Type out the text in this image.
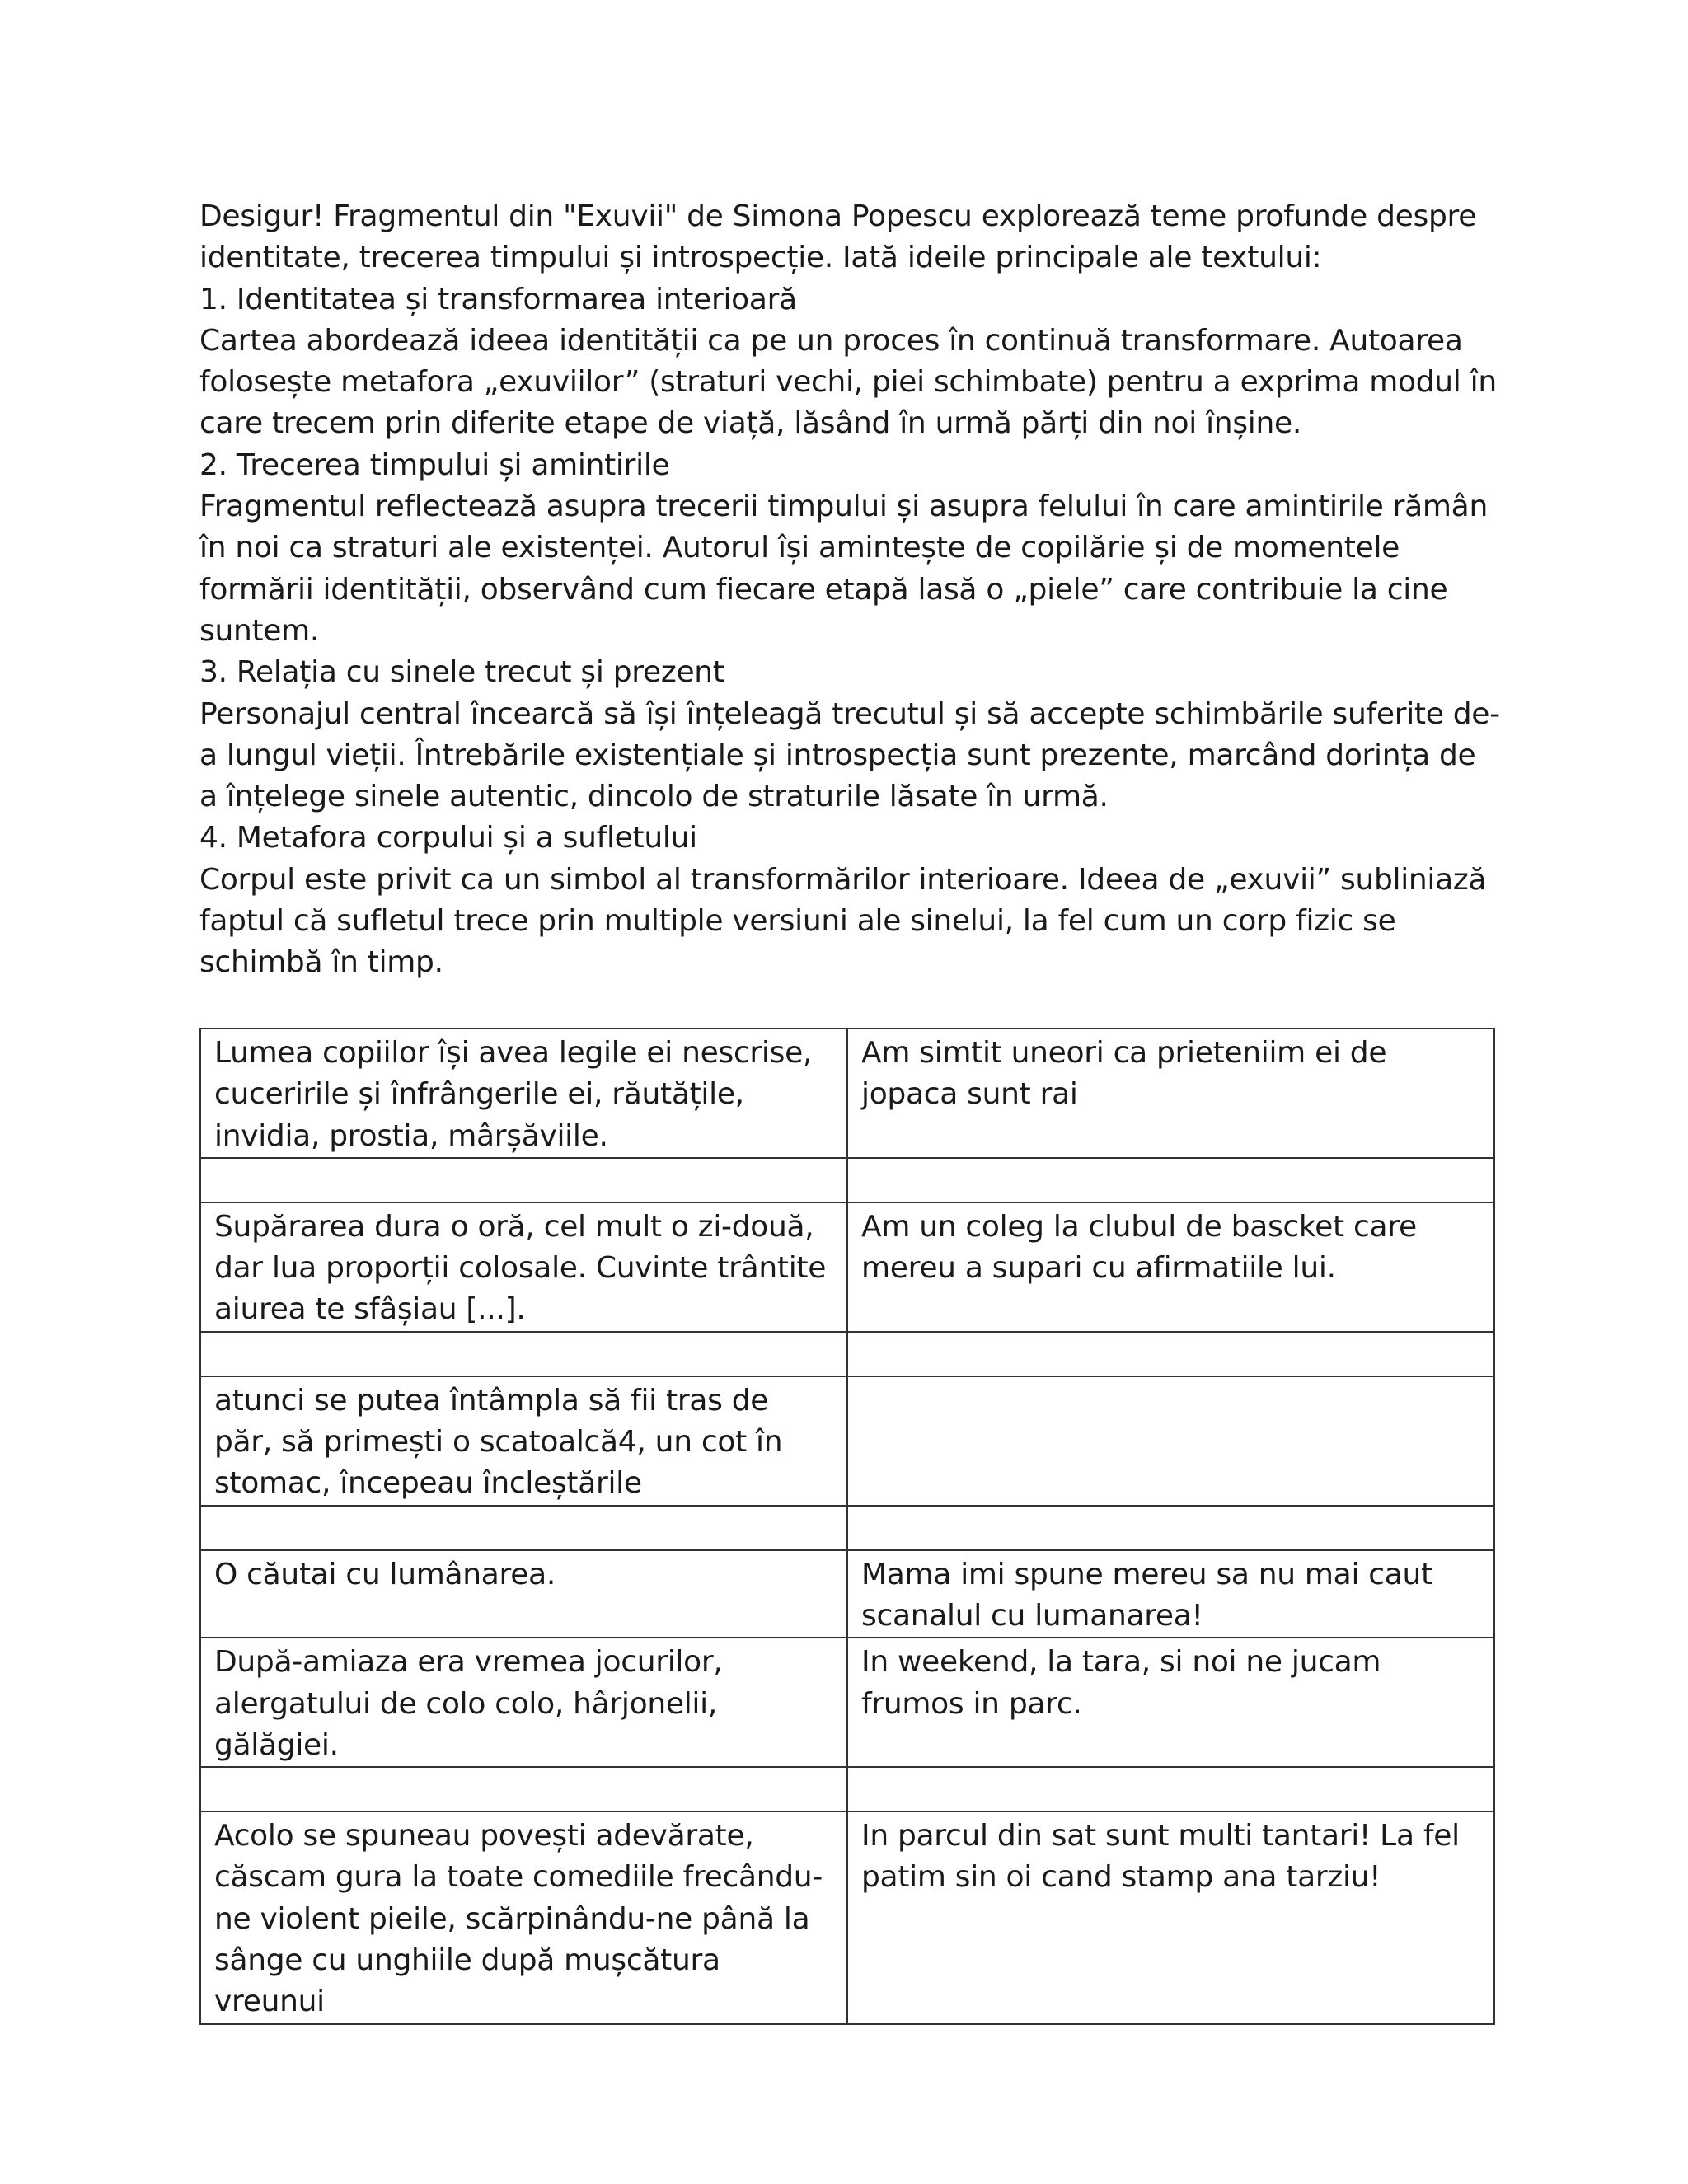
Desigur! Fragmentul din "Exuvii" de Simona Popescu explorează teme profunde despre identitate, trecerea timpului și introspecție. Iată ideile principale ale textului:

1. Identitatea și transformarea interioară

Cartea abordează ideea identității ca pe un proces în continuă transformare. Autoarea folosește metafora „exuviilor” (straturi vechi, piei schimbate) pentru a exprima modul în care trecem prin diferite etape de viață, lăsând în urmă părți din noi înșine.

2. Trecerea timpului și amintirile

Fragmentul reflectează asupra trecerii timpului și asupra felului în care amintirile rămân în noi ca straturi ale existenței. Autorul își amintește de copilărie și de momentele formării identității, observând cum fiecare etapă lasă o „piele” care contribuie la cine suntem.

3. Relația cu sinele trecut și prezent

Personajul central încearcă să își înțeleagă trecutul și să accepte schimbările suferite de-a lungul vieții. Întrebările existențiale și introspecția sunt prezente, marcând dorința de a înțelege sinele autentic, dincolo de straturile lăsate în urmă.

4. Metafora corpului și a sufletului

Corpul este privit ca un simbol al transformărilor interioare. Ideea de „exuvii” subliniază faptul că sufletul trece prin multiple versiuni ale sinelui, la fel cum un corp fizic se schimbă în timp.

Lumea copiilor își avea legile ei nescrise, cuceririle și înfrângerile ei, răutățile, invidia, prostia, mârșăviile.	Am simtit uneori ca prieteniim ei de jopaca sunt rai

Supărarea dura o oră, cel mult o zi-două, dar lua proporții colosale. Cuvinte trântite aiurea te sfâșiau [...].	Am un coleg la clubul de bascket care mereu a supari cu afirmatiile lui.

atunci se putea întâmpla să fii tras de păr, să primești o scatoalcă4, un cot în stomac, începeau încleștările	

O căutai cu lumânarea.	Mama imi spune mereu sa nu mai caut scanalul cu lumanarea!
După-amiaza era vremea jocurilor, alergatului de colo colo, hârjonelii, gălăgiei.	In weekend, la tara, si noi ne jucam frumos in parc.

Acolo se spuneau povești adevărate, căscam gura la toate comediile frecându-ne violent pieile, scărpinându-ne până la sânge cu unghiile după mușcătura vreunui	In parcul din sat sunt multi tantari! La fel patim sin oi cand stamp ana tarziu!
